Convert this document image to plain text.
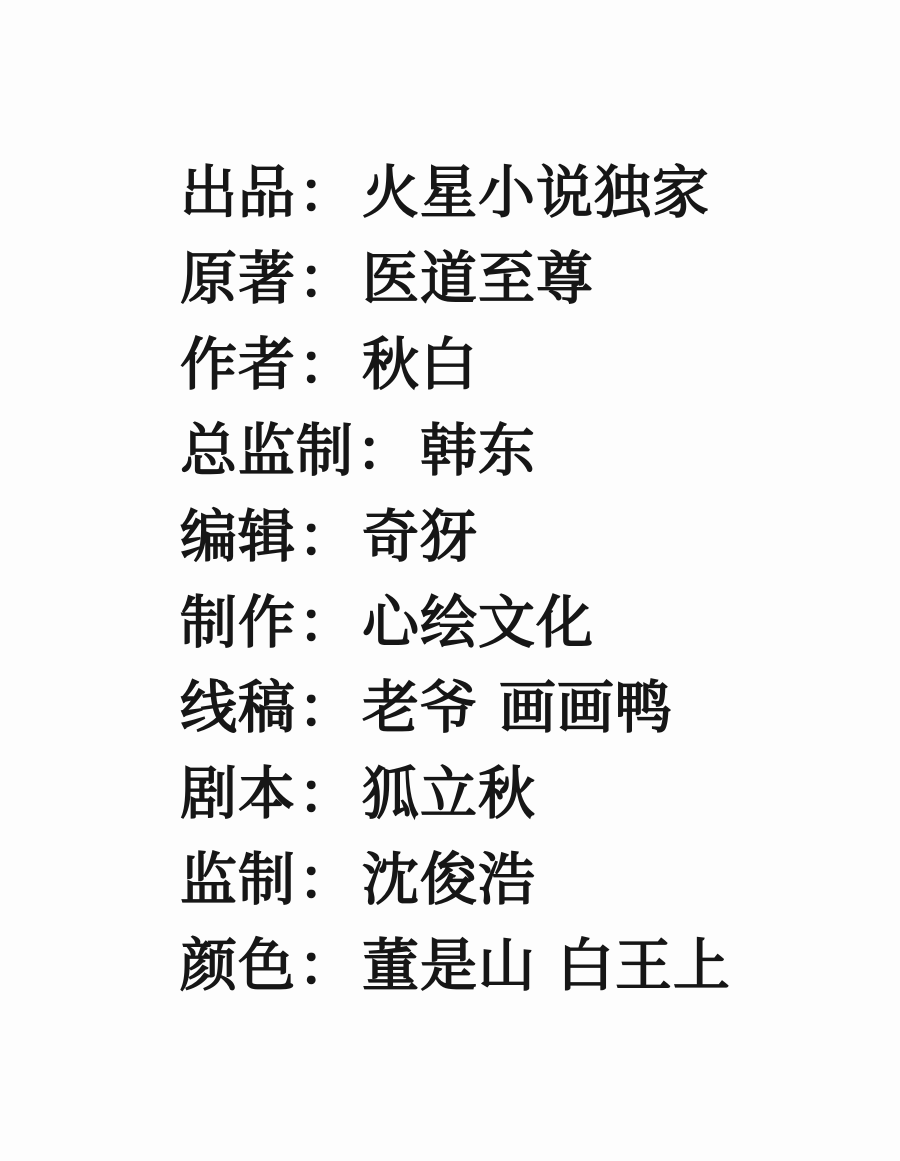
出品 ： 火星小说独家
原著 ： 医道至尊
作者 ： 秋白
总监制 ： 韩东
编辑 ： 奇犽
制作 ： 心绘文化
线稿 ： 老爷 画画鸭
剧本 ： 狐立秋
监制 ： 沈俊浩
颜色 ： 董是山 白王上
